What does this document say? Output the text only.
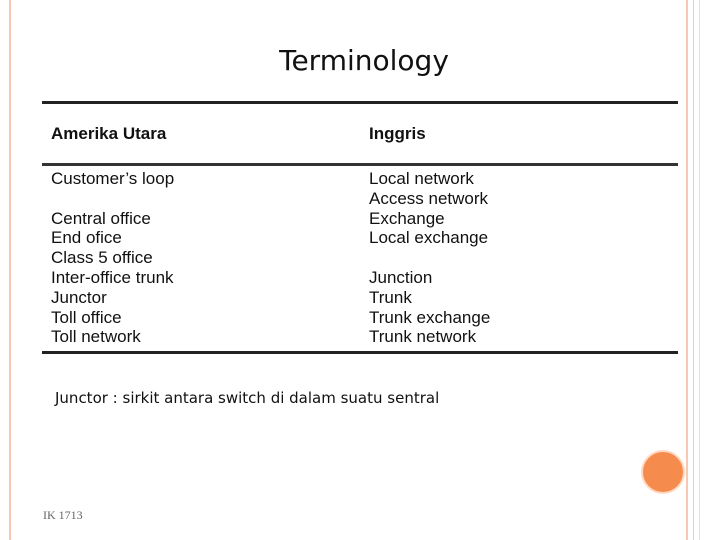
Terminology
Amerika Utara	Inggris
Customer’s loop

Central office
End ofice
Class 5 office
Inter-office trunk
Junctor
Toll office
Toll network
Local network
Access network
Exchange
Local exchange

Junction
Trunk
Trunk exchange
Trunk network
Junctor : sirkit antara switch di dalam suatu sentral
IK 1713
